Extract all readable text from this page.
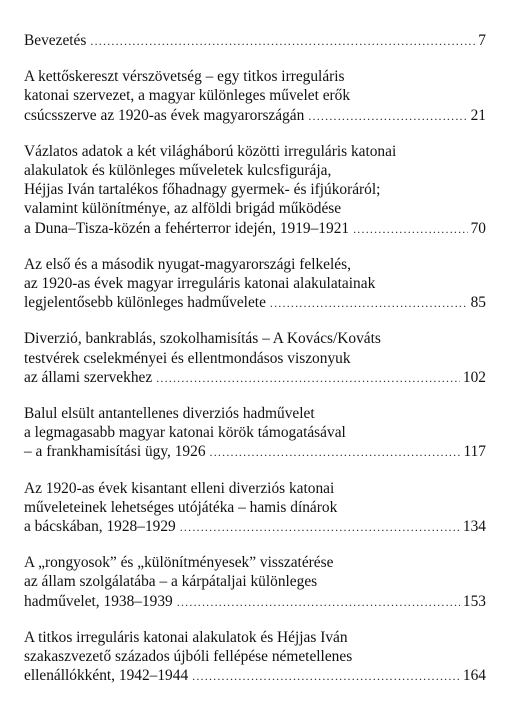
Bevezetés .....	7
A kettőskereszt vérszövetség – egy titkos irreguláris
katonai szervezet, a magyar különleges művelet erők
csúcsszerve az 1920-as évek magyarországán .....	21
Vázlatos adatok a két világháború közötti irreguláris katonai
alakulatok és különleges műveletek kulcsfigurája,
Héjjas Iván tartalékos főhadnagy gyermek- és ifjúkoráról;
valamint különítménye, az alföldi brigád működése
a Duna–Tisza-közén a fehérterror idején, 1919–1921 .....	70
Az első és a második nyugat-magyarországi felkelés,
az 1920-as évek magyar irreguláris katonai alakulatainak
legjelentősebb különleges hadművelete .....	85
Diverzió, bankrablás, szokolhamisítás – A Kovács/Kováts
testvérek cselekményei és ellentmondásos viszonyuk
az állami szervekhez .....	102
Balul elsült antantellenes diverziós hadművelet
a legmagasabb magyar katonai körök támogatásával
– a frankhamisítási ügy, 1926 .....	117
Az 1920-as évek kisantant elleni diverziós katonai
műveleteinek lehetséges utójátéka – hamis dínárok
a bácskában, 1928–1929 .....	134
A „rongyosok” és „különítményesek” visszatérése
az állam szolgálatába – a kárpátaljai különleges
hadművelet, 1938–1939 .....	153
A titkos irreguláris katonai alakulatok és Héjjas Iván
szakaszvezető százados újbóli fellépése németellenes
ellenállókként, 1942–1944 .....	164
